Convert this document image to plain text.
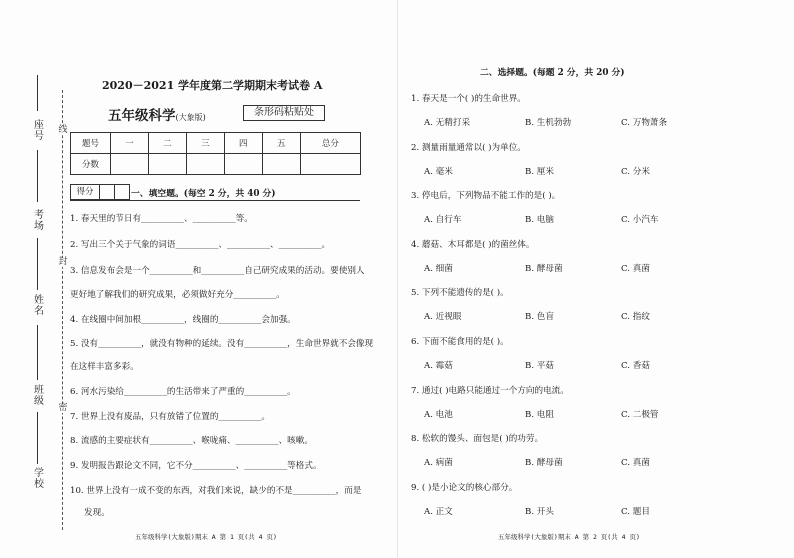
座号
考场
姓名
班级
学校
线
封
密
2020－2021 学年度第二学期期末考试卷 A
五年级科学(大象版)	条形码粘贴处
题号	一	二	三	四	五	总分
分数						
得分	一、填空题。(每空 2 分，共 40 分)
1. 春天里的节日有__________、__________等。
2. 写出三个关于气象的词语__________、__________、__________。
3. 信息发布会是一个__________和__________自己研究成果的活动。要使别人
更好地了解我们的研究成果，必须做好充分__________。
4. 在线圈中间加根__________，线圈的__________会加强。
5. 没有__________，就没有物种的延续。没有__________，生命世界就不会像现
在这样丰富多彩。
6. 河水污染给__________的生活带来了严重的__________。
7. 世界上没有废品，只有放错了位置的__________。
8. 流感的主要症状有__________、喉咙痛、__________、咳嗽。
9. 发明报告跟论文不同，它不分__________、__________等格式。
10. 世界上没有一成不变的东西，对我们来说，缺少的不是__________，而是
发现。
五年级科学(大象版)期末 A 第 1 页(共 4 页)
二、选择题。(每题 2 分，共 20 分)
1. 春天是一个( )的生命世界。
A. 无精打采	B. 生机勃勃	C. 万物萧条
2. 测量雨量通常以( )为单位。
A. 毫米	B. 厘米	C. 分米
3. 停电后，下列物品不能工作的是( )。
A. 自行车	B. 电脑	C. 小汽车
4. 蘑菇、木耳都是( )的菌丝体。
A. 细菌	B. 酵母菌	C. 真菌
5. 下列不能遗传的是( )。
A. 近视眼	B. 色盲	C. 指纹
6. 下面不能食用的是( )。
A. 霉菇	B. 平菇	C. 香菇
7. 通过( )电路只能通过一个方向的电流。
A. 电池	B. 电阻	C. 二极管
8. 松软的馒头、面包是( )的功劳。
A. 病菌	B. 酵母菌	C. 真菌
9. ( )是小论文的核心部分。
A. 正文	B. 开头	C. 题目
五年级科学(大象版)期末 A 第 2 页(共 4 页)
